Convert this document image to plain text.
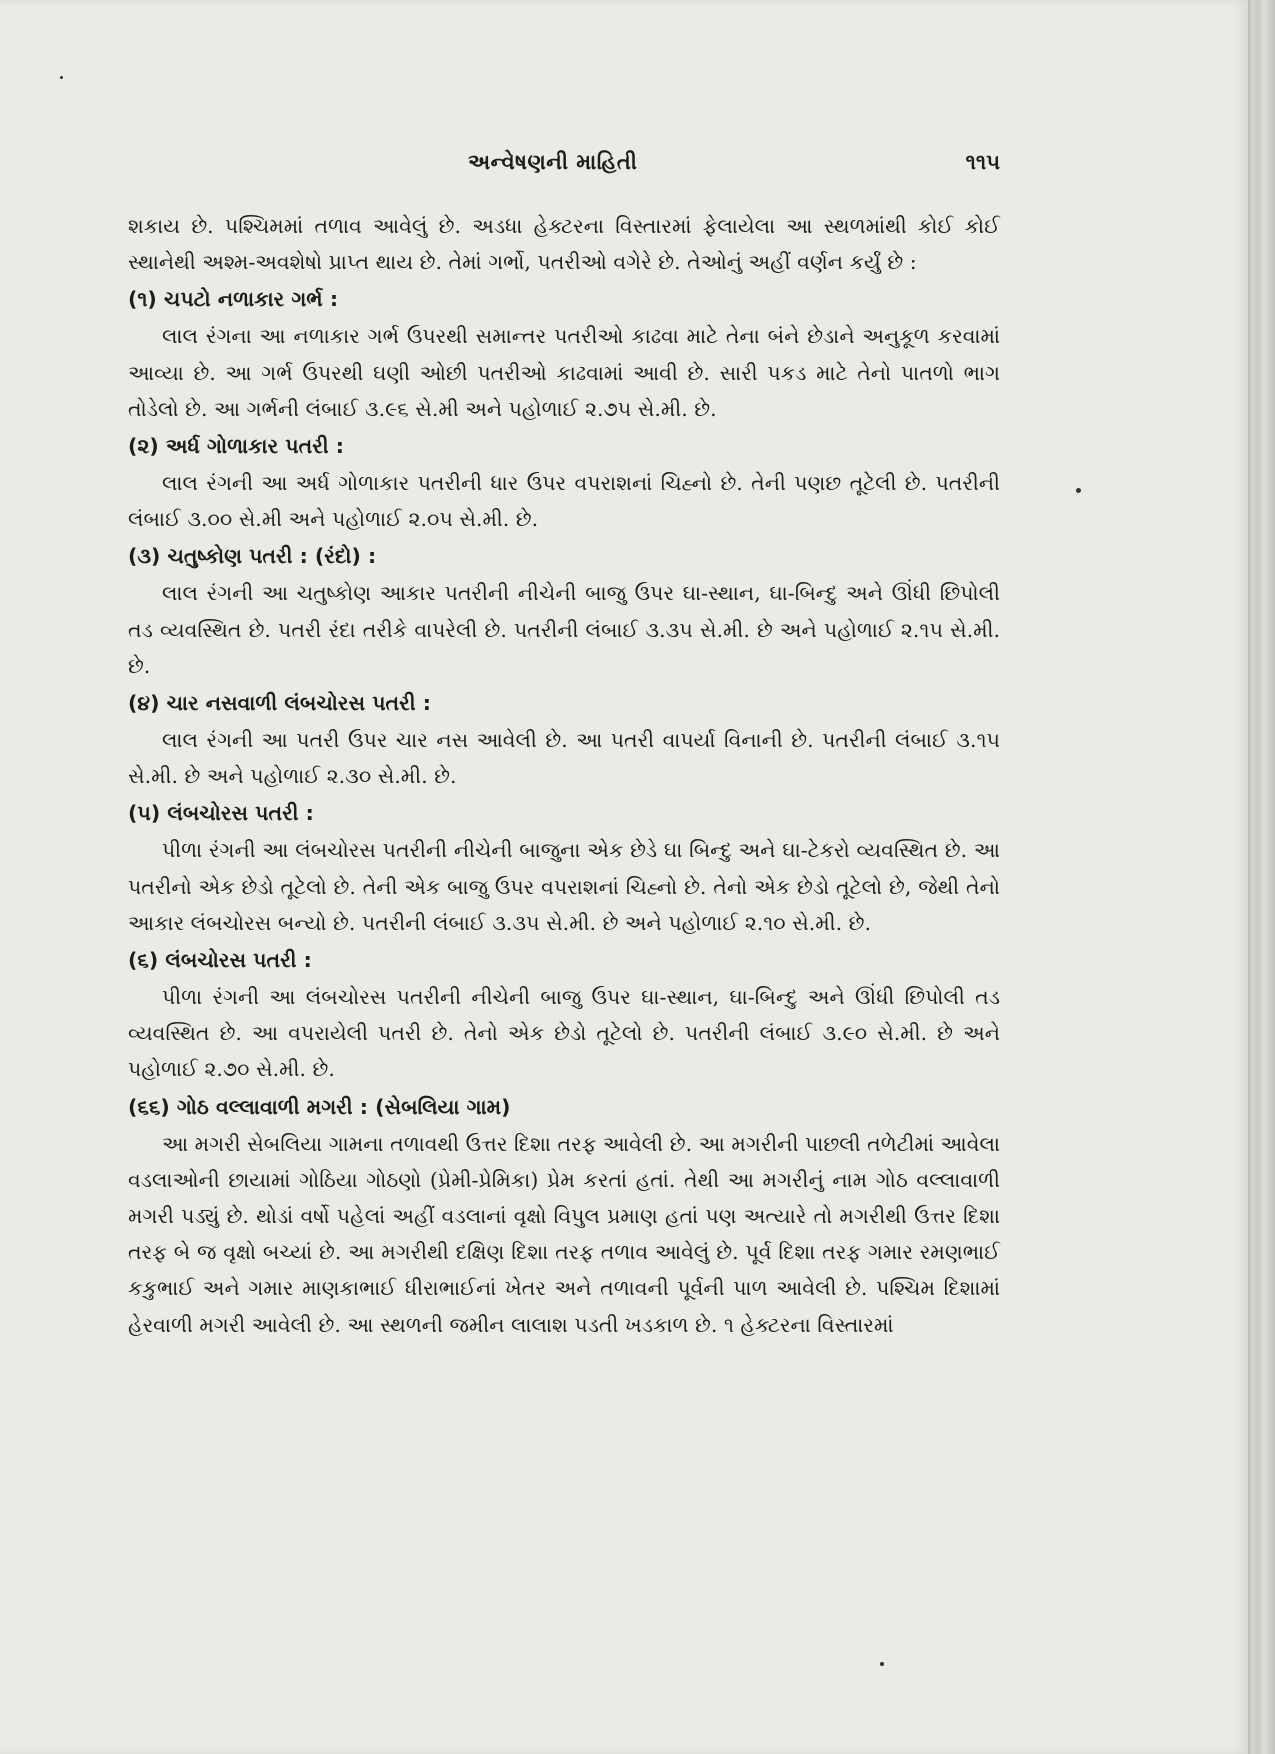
અન્વેષણની માહિતી	૧૧૫

શકાય છે. પશ્ચિમમાં તળાવ આવેલું છે. અડધા હેક્ટરના વિસ્તારમાં ફેલાયેલા આ સ્થળમાંથી કોઈ કોઈ સ્થાનેથી અશ્મ-અવશેષો પ્રાપ્ત થાય છે. તેમાં ગર્ભો, પતરીઓ વગેરે છે. તેઓનું અહીં વર્ણન કર્યું છે :

(૧) ચપટો નળાકાર ગર્ભ :

લાલ રંગના આ નળાકાર ગર્ભ ઉપરથી સમાન્તર પતરીઓ કાઢવા માટે તેના બંને છેડાને અનુકૂળ કરવામાં આવ્યા છે. આ ગર્ભ ઉપરથી ઘણી ઓછી પતરીઓ કાઢવામાં આવી છે. સારી પકડ માટે તેનો પાતળો ભાગ તોડેલો છે. આ ગર્ભની લંબાઈ ૩.૯૬ સે.મી અને પહોળાઈ ૨.૭૫ સે.મી. છે.

(૨) અર્ધ ગોળાકાર પતરી :

લાલ રંગની આ અર્ધ ગોળાકાર પતરીની ધાર ઉપર વપરાશનાં ચિહ્નો છે. તેની પણછ તૂટેલી છે. પતરીની લંબાઈ ૩.૦૦ સે.મી અને પહોળાઈ ૨.૦૫ સે.મી. છે.

(૩) ચતુષ્કોણ પતરી : (રંદો) :

લાલ રંગની આ ચતુષ્કોણ આકાર પતરીની નીચેની બાજુ ઉપર ઘા-સ્થાન, ઘા-બિન્દુ અને ઊંધી છિપોલી તડ વ્યવસ્થિત છે. પતરી રંદા તરીકે વાપરેલી છે. પતરીની લંબાઈ ૩.૩૫ સે.મી. છે અને પહોળાઈ ૨.૧૫ સે.મી. છે.

(૪) ચાર નસવાળી લંબચોરસ પતરી :

લાલ રંગની આ પતરી ઉપર ચાર નસ આવેલી છે. આ પતરી વાપર્યા વિનાની છે. પતરીની લંબાઈ ૩.૧૫ સે.મી. છે અને પહોળાઈ ૨.૩૦ સે.મી. છે.

(૫) લંબચોરસ પતરી :

પીળા રંગની આ લંબચોરસ પતરીની નીચેની બાજુના એક છેડે ઘા બિન્દુ અને ઘા-ટેકરો વ્યવસ્થિત છે. આ પતરીનો એક છેડો તૂટેલો છે. તેની એક બાજુ ઉપર વપરાશનાં ચિહ્નો છે. તેનો એક છેડો તૂટેલો છે, જેથી તેનો આકાર લંબચોરસ બન્યો છે. પતરીની લંબાઈ ૩.૩૫ સે.મી. છે અને પહોળાઈ ૨.૧૦ સે.મી. છે.

(૬) લંબચોરસ પતરી :

પીળા રંગની આ લંબચોરસ પતરીની નીચેની બાજુ ઉપર ઘા-સ્થાન, ઘા-બિન્દુ અને ઊંધી છિપોલી તડ વ્યવસ્થિત છે. આ વપરાયેલી પતરી છે. તેનો એક છેડો તૂટેલો છે. પતરીની લંબાઈ ૩.૯૦ સે.મી. છે અને પહોળાઈ ૨.૭૦ સે.મી. છે.

(૬૬) ગોઠ વલ્લાવાળી મગરી : (સેબલિયા ગામ)

આ મગરી સેબલિયા ગામના તળાવથી ઉત્તર દિશા તરફ આવેલી છે. આ મગરીની પાછલી તળેટીમાં આવેલા વડલાઓની છાયામાં ગોઠિયા ગોઠણો (પ્રેમી-પ્રેમિકા) પ્રેમ કરતાં હતાં. તેથી આ મગરીનું નામ ગોઠ વલ્લાવાળી મગરી પડ્યું છે. થોડાં વર્ષો પહેલાં અહીં વડલાનાં વૃક્ષો વિપુલ પ્રમાણ હતાં પણ અત્યારે તો મગરીથી ઉત્તર દિશા તરફ બે જ વૃક્ષો બચ્યાં છે. આ મગરીથી દક્ષિણ દિશા તરફ તળાવ આવેલું છે. પૂર્વ દિશા તરફ ગમાર રમણભાઈ કકુભાઈ અને ગમાર માણકાભાઈ ધીરાભાઈનાં ખેતર અને તળાવની પૂર્વની પાળ આવેલી છે. પશ્ચિમ દિશામાં હેરવાળી મગરી આવેલી છે. આ સ્થળની જમીન લાલાશ પડતી ખડકાળ છે. ૧ હેક્ટરના વિસ્તારમાં
